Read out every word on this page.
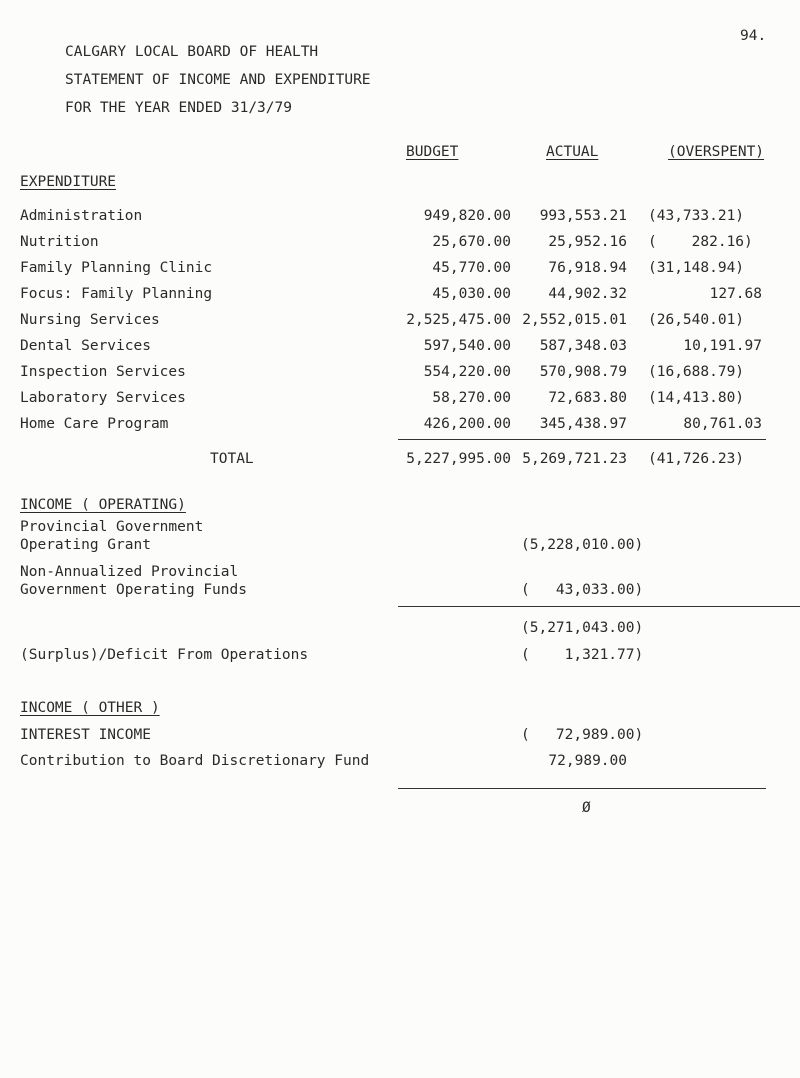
94.
CALGARY LOCAL BOARD OF HEALTH
STATEMENT OF INCOME AND EXPENDITURE
FOR THE YEAR ENDED 31/3/79
BUDGET	ACTUAL	(OVERSPENT)
EXPENDITURE
Administration	949,820.00 993,553.21 (43,733.21)
Nutrition	25,670.00	25,952.16 (    282.16)
Family Planning Clinic	45,770.00	76,918.94 (31,148.94)
Focus: Family Planning	45,030.00	44,902.32	127.68
Nursing Services	2,525,475.00 2,552,015.01 (26,540.01)
Dental Services	597,540.00 587,348.03	10,191.97
Inspection Services	554,220.00 570,908.79 (16,688.79)
Laboratory Services	58,270.00	72,683.80 (14,413.80)
Home Care Program	426,200.00 345,438.97	80,761.03
TOTAL	5,227,995.00 5,269,721.23 (41,726.23)
INCOME ( OPERATING)
Provincial Government
Operating Grant	(5,228,010.00)
Non-Annualized Provincial
Government Operating Funds	(   43,033.00)
(5,271,043.00)
(Surplus)/Deficit From Operations	(    1,321.77)
INCOME ( OTHER )
INTEREST INCOME	(   72,989.00)
Contribution to Board Discretionary Fund	72,989.00
Ø
